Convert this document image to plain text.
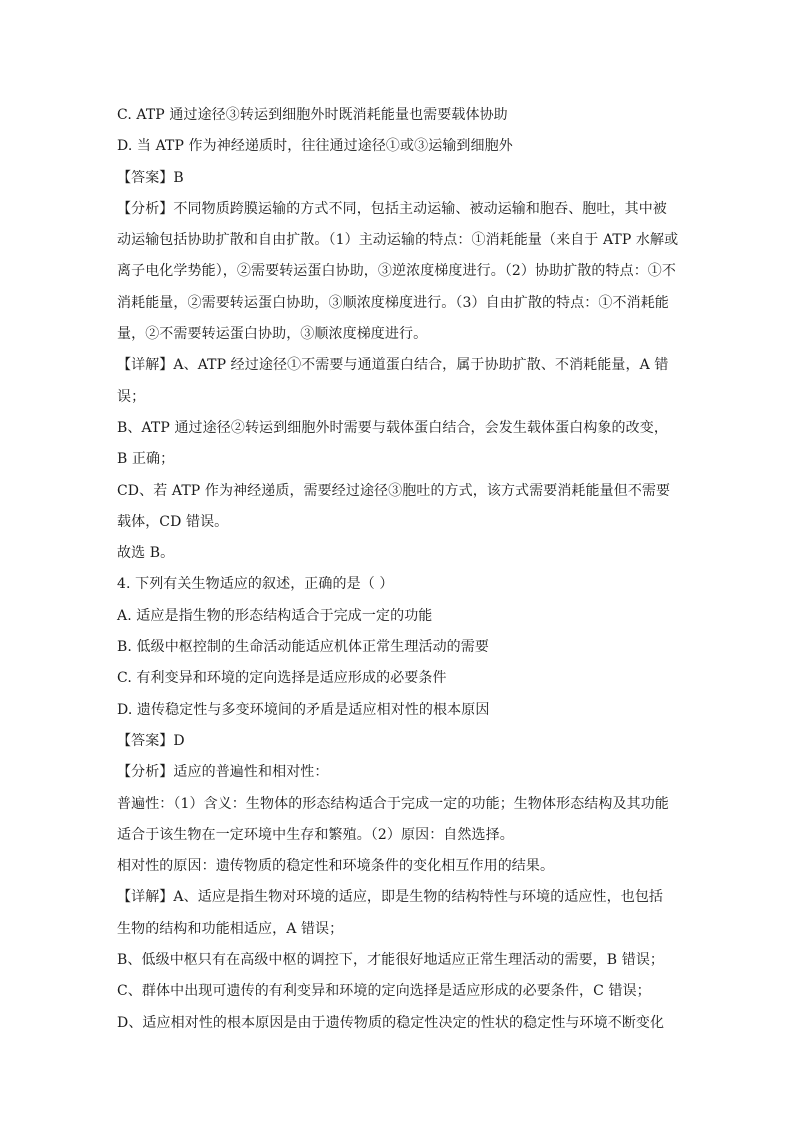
C. ATP 通过途径③转运到细胞外时既消耗能量也需要载体协助
D. 当 ATP 作为神经递质时，往往通过途径①或③运输到细胞外
【答案】B
【分析】不同物质跨膜运输的方式不同，包括主动运输、被动运输和胞吞、胞吐，其中被
动运输包括协助扩散和自由扩散。（1）主动运输的特点：①消耗能量（来自于 ATP 水解或
离子电化学势能），②需要转运蛋白协助，③逆浓度梯度进行。（2）协助扩散的特点：①不
消耗能量，②需要转运蛋白协助，③顺浓度梯度进行。（3）自由扩散的特点：①不消耗能
量，②不需要转运蛋白协助，③顺浓度梯度进行。
【详解】A、ATP 经过途径①不需要与通道蛋白结合，属于协助扩散、不消耗能量，A 错
误；
B、ATP 通过途径②转运到细胞外时需要与载体蛋白结合，会发生载体蛋白构象的改变，
B 正确；
CD、若 ATP 作为神经递质，需要经过途径③胞吐的方式，该方式需要消耗能量但不需要
载体，CD 错误。
故选 B。
4. 下列有关生物适应的叙述，正确的是（ ）
A. 适应是指生物的形态结构适合于完成一定的功能
B. 低级中枢控制的生命活动能适应机体正常生理活动的需要
C. 有利变异和环境的定向选择是适应形成的必要条件
D. 遗传稳定性与多变环境间的矛盾是适应相对性的根本原因
【答案】D
【分析】适应的普遍性和相对性：
普遍性：（1）含义：生物体的形态结构适合于完成一定的功能；生物体形态结构及其功能
适合于该生物在一定环境中生存和繁殖。（2）原因：自然选择。
相对性的原因：遗传物质的稳定性和环境条件的变化相互作用的结果。
【详解】A、适应是指生物对环境的适应，即是生物的结构特性与环境的适应性，也包括
生物的结构和功能相适应，A 错误；
B、低级中枢只有在高级中枢的调控下，才能很好地适应正常生理活动的需要，B 错误；
C、群体中出现可遗传的有利变异和环境的定向选择是适应形成的必要条件，C 错误；
D、适应相对性的根本原因是由于遗传物质的稳定性决定的性状的稳定性与环境不断变化
